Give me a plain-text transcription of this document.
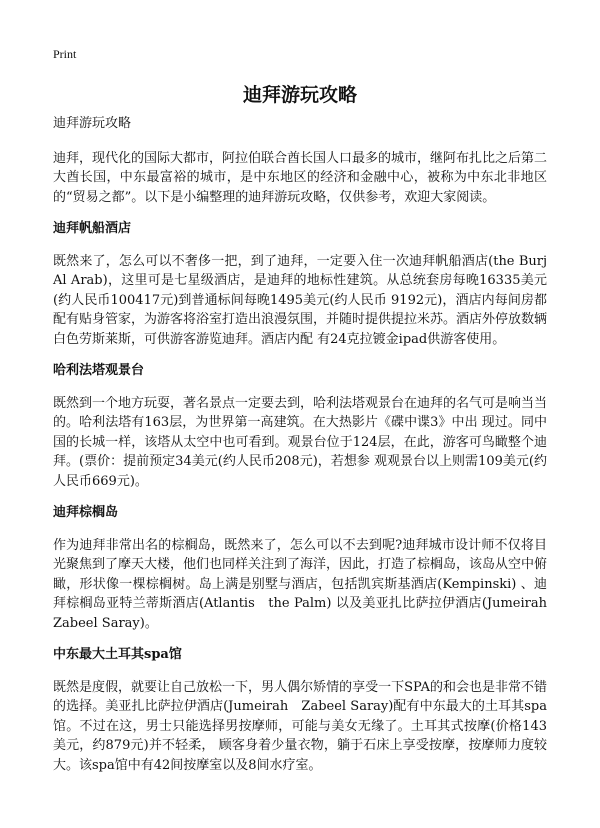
Print
迪拜游玩攻略

迪拜游玩攻略

迪拜，现代化的国际大都市，阿拉伯联合酋长国人口最多的城市，继阿布扎比之后第二大酋长国，中东最富裕的城市，是中东地区的经济和金融中心，被称为中东北非地区的“贸易之都”。以下是小编整理的迪拜游玩攻略，仅供参考，欢迎大家阅读。

迪拜帆船酒店

既然来了，怎么可以不奢侈一把，到了迪拜，一定要入住一次迪拜帆船酒店(the Burj Al Arab)，这里可是七星级酒店，是迪拜的地标性建筑。从总统套房每晚16335美元(约人民币100417元)到普通标间每晚1495美元(约人民币 9192元)，酒店内每间房都配有贴身管家，为游客将浴室打造出浪漫氛围，并随时提供提拉米苏。酒店外停放数辆白色劳斯莱斯，可供游客游览迪拜。酒店内配 有24克拉镀金ipad供游客使用。

哈利法塔观景台

既然到一个地方玩耍，著名景点一定要去到，哈利法塔观景台在迪拜的名气可是响当当的。哈利法塔有163层，为世界第一高建筑。在大热影片《碟中谍3》中出 现过。同中国的长城一样，该塔从太空中也可看到。观景台位于124层，在此，游客可鸟瞰整个迪拜。(票价：提前预定34美元(约人民币208元)，若想参 观观景台以上则需109美元(约人民币669元)。

迪拜棕榈岛

作为迪拜非常出名的棕榈岛，既然来了，怎么可以不去到呢?迪拜城市设计师不仅将目光聚焦到了摩天大楼，他们也同样关注到了海洋，因此，打造了棕榈岛，该岛从空中俯瞰，形状像一棵棕榈树。岛上满是别墅与酒店，包括凯宾斯基酒店(Kempinski) 、迪拜棕榈岛亚特兰蒂斯酒店(Atlantis　the Palm) 以及美亚扎比萨拉伊酒店(Jumeirah　Zabeel Saray)。

中东最大土耳其spa馆

既然是度假，就要让自己放松一下，男人偶尔矫情的享受一下SPA的和会也是非常不错的选择。美亚扎比萨拉伊酒店(Jumeirah　Zabeel Saray)配有中东最大的土耳其spa馆。不过在这，男士只能选择男按摩师，可能与美女无缘了。土耳其式按摩(价格143美元，约879元)并不轻柔， 顾客身着少量衣物，躺于石床上享受按摩，按摩师力度较大。该spa馆中有42间按摩室以及8间水疗室。
